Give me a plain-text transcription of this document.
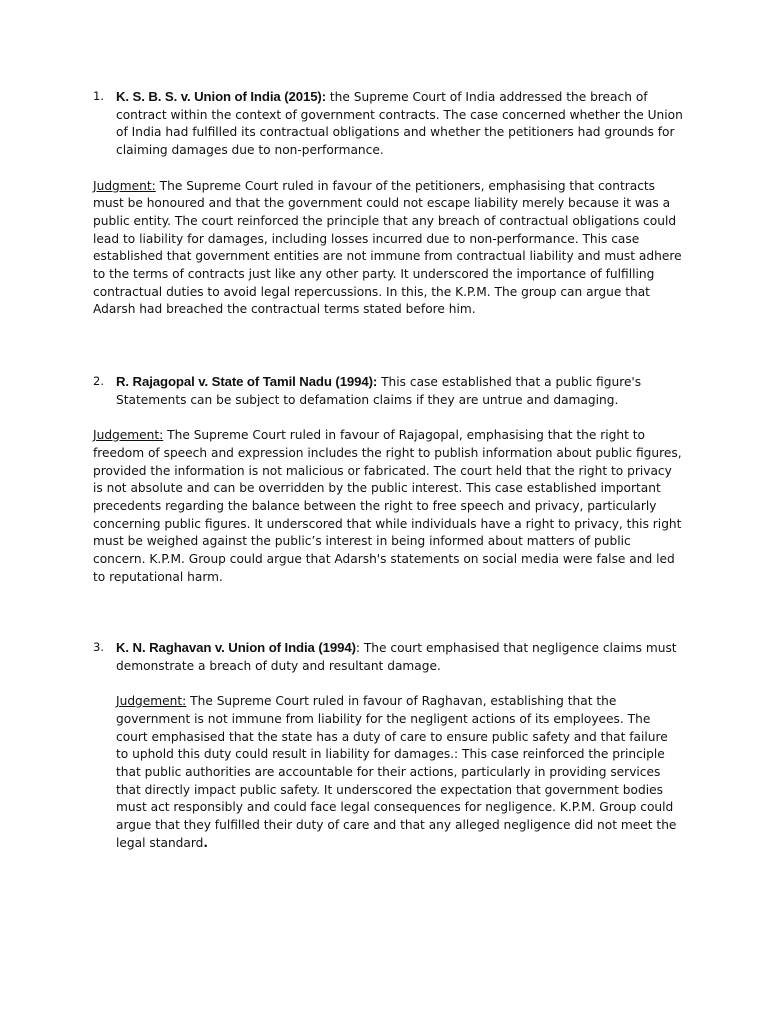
1. K. S. B. S. v. Union of India (2015): the Supreme Court of India addressed the breach of contract within the context of government contracts. The case concerned whether the Union of India had fulfilled its contractual obligations and whether the petitioners had grounds for claiming damages due to non-performance.

Judgment: The Supreme Court ruled in favour of the petitioners, emphasising that contracts must be honoured and that the government could not escape liability merely because it was a public entity. The court reinforced the principle that any breach of contractual obligations could lead to liability for damages, including losses incurred due to non-performance. This case established that government entities are not immune from contractual liability and must adhere to the terms of contracts just like any other party. It underscored the importance of fulfilling contractual duties to avoid legal repercussions. In this, the K.P.M. The group can argue that Adarsh had breached the contractual terms stated before him.

2. R. Rajagopal v. State of Tamil Nadu (1994): This case established that a public figure's Statements can be subject to defamation claims if they are untrue and damaging.

Judgement: The Supreme Court ruled in favour of Rajagopal, emphasising that the right to freedom of speech and expression includes the right to publish information about public figures, provided the information is not malicious or fabricated. The court held that the right to privacy is not absolute and can be overridden by the public interest. This case established important precedents regarding the balance between the right to free speech and privacy, particularly concerning public figures. It underscored that while individuals have a right to privacy, this right must be weighed against the public’s interest in being informed about matters of public concern. K.P.M. Group could argue that Adarsh's statements on social media were false and led to reputational harm.

3. K. N. Raghavan v. Union of India (1994): The court emphasised that negligence claims must demonstrate a breach of duty and resultant damage.

Judgement: The Supreme Court ruled in favour of Raghavan, establishing that the government is not immune from liability for the negligent actions of its employees. The court emphasised that the state has a duty of care to ensure public safety and that failure to uphold this duty could result in liability for damages.: This case reinforced the principle that public authorities are accountable for their actions, particularly in providing services that directly impact public safety. It underscored the expectation that government bodies must act responsibly and could face legal consequences for negligence. K.P.M. Group could argue that they fulfilled their duty of care and that any alleged negligence did not meet the legal standard.
